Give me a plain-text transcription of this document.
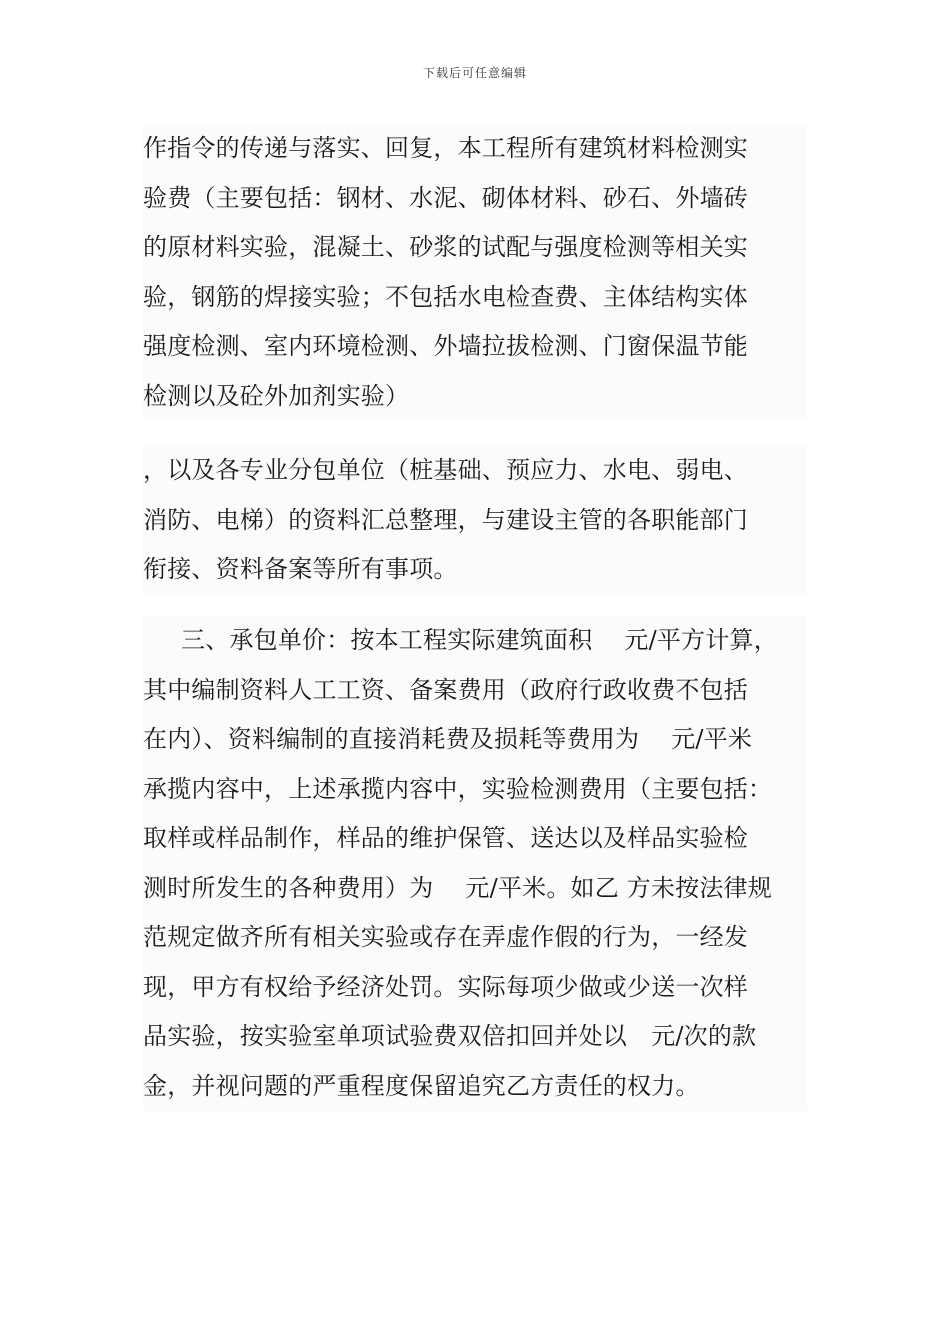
下载后可任意编辑
作指令的传递与落实、回复，本工程所有建筑材料检测实
验费（主要包括：钢材、水泥、砌体材料、砂石、外墙砖
的原材料实验，混凝土、砂浆的试配与强度检测等相关实
验，钢筋的焊接实验；不包括水电检查费、主体结构实体
强度检测、室内环境检测、外墙拉拔检测、门窗保温节能
检测以及砼外加剂实验）
，以及各专业分包单位（桩基础、预应力、水电、弱电、
消防、电梯）的资料汇总整理，与建设主管的各职能部门
衔接、资料备案等所有事项。
三、承包单价：按本工程实际建筑面积　 元/平方计算，
其中编制资料人工工资、备案费用（政府行政收费不包括
在内）、资料编制的直接消耗费及损耗等费用为　 元/平米
承揽内容中，上述承揽内容中，实验检测费用（主要包括：
取样或样品制作，样品的维护保管、送达以及样品实验检
测时所发生的各种费用）为　 元/平米。如乙 方未按法律规
范规定做齐所有相关实验或存在弄虚作假的行为，一经发
现，甲方有权给予经济处罚。实际每项少做或少送一次样
品实验，按实验室单项试验费双倍扣回并处以　元/次的款
金，并视问题的严重程度保留追究乙方责任的权力。
